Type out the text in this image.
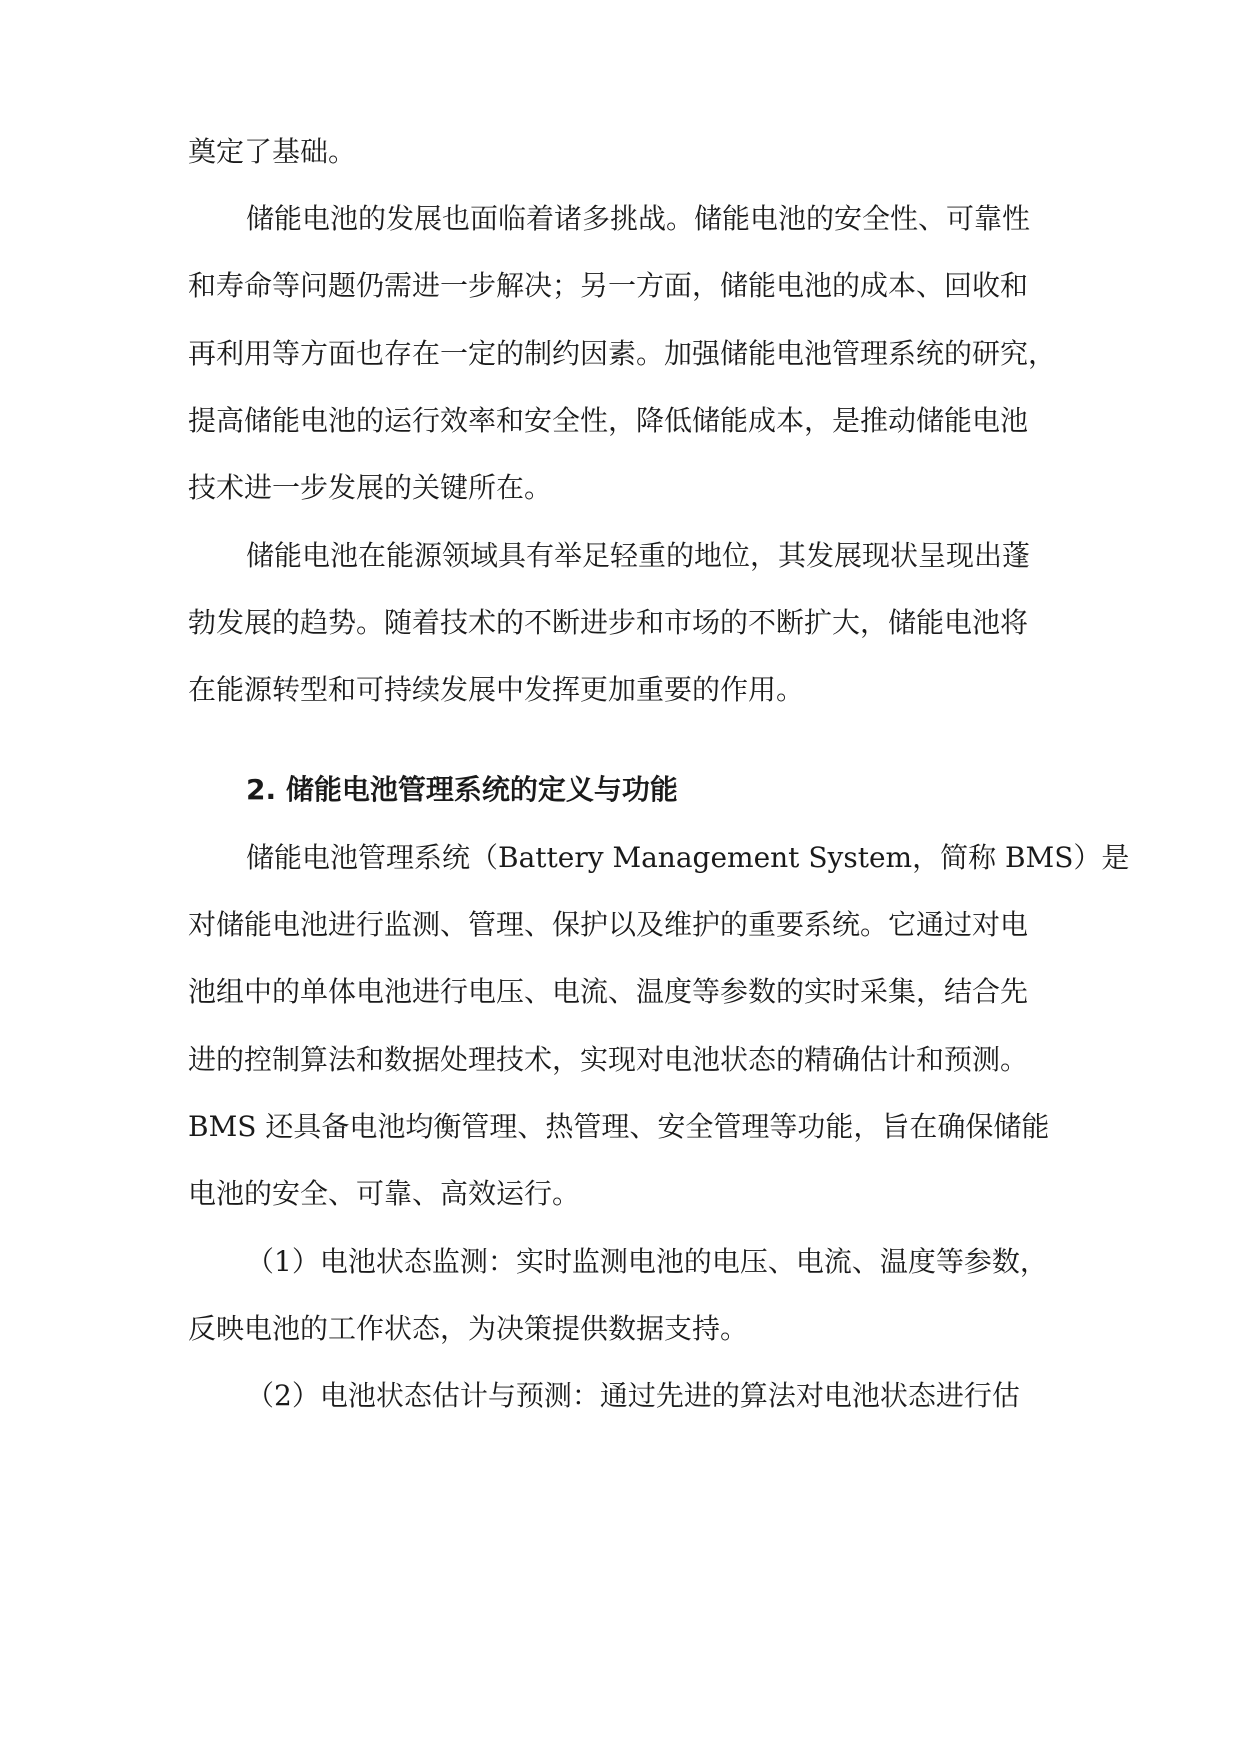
奠定了基础。
储能电池的发展也面临着诸多挑战。储能电池的安全性、可靠性
和寿命等问题仍需进一步解决；另一方面，储能电池的成本、回收和
再利用等方面也存在一定的制约因素。加强储能电池管理系统的研究，
提高储能电池的运行效率和安全性，降低储能成本，是推动储能电池
技术进一步发展的关键所在。
储能电池在能源领域具有举足轻重的地位，其发展现状呈现出蓬
勃发展的趋势。随着技术的不断进步和市场的不断扩大，储能电池将
在能源转型和可持续发展中发挥更加重要的作用。
2. 储能电池管理系统的定义与功能
储能电池管理系统（Battery Management System，简称 BMS）是
对储能电池进行监测、管理、保护以及维护的重要系统。它通过对电
池组中的单体电池进行电压、电流、温度等参数的实时采集，结合先
进的控制算法和数据处理技术，实现对电池状态的精确估计和预测。
BMS 还具备电池均衡管理、热管理、安全管理等功能，旨在确保储能
电池的安全、可靠、高效运行。
（1）电池状态监测：实时监测电池的电压、电流、温度等参数，
反映电池的工作状态，为决策提供数据支持。
（2）电池状态估计与预测：通过先进的算法对电池状态进行估
